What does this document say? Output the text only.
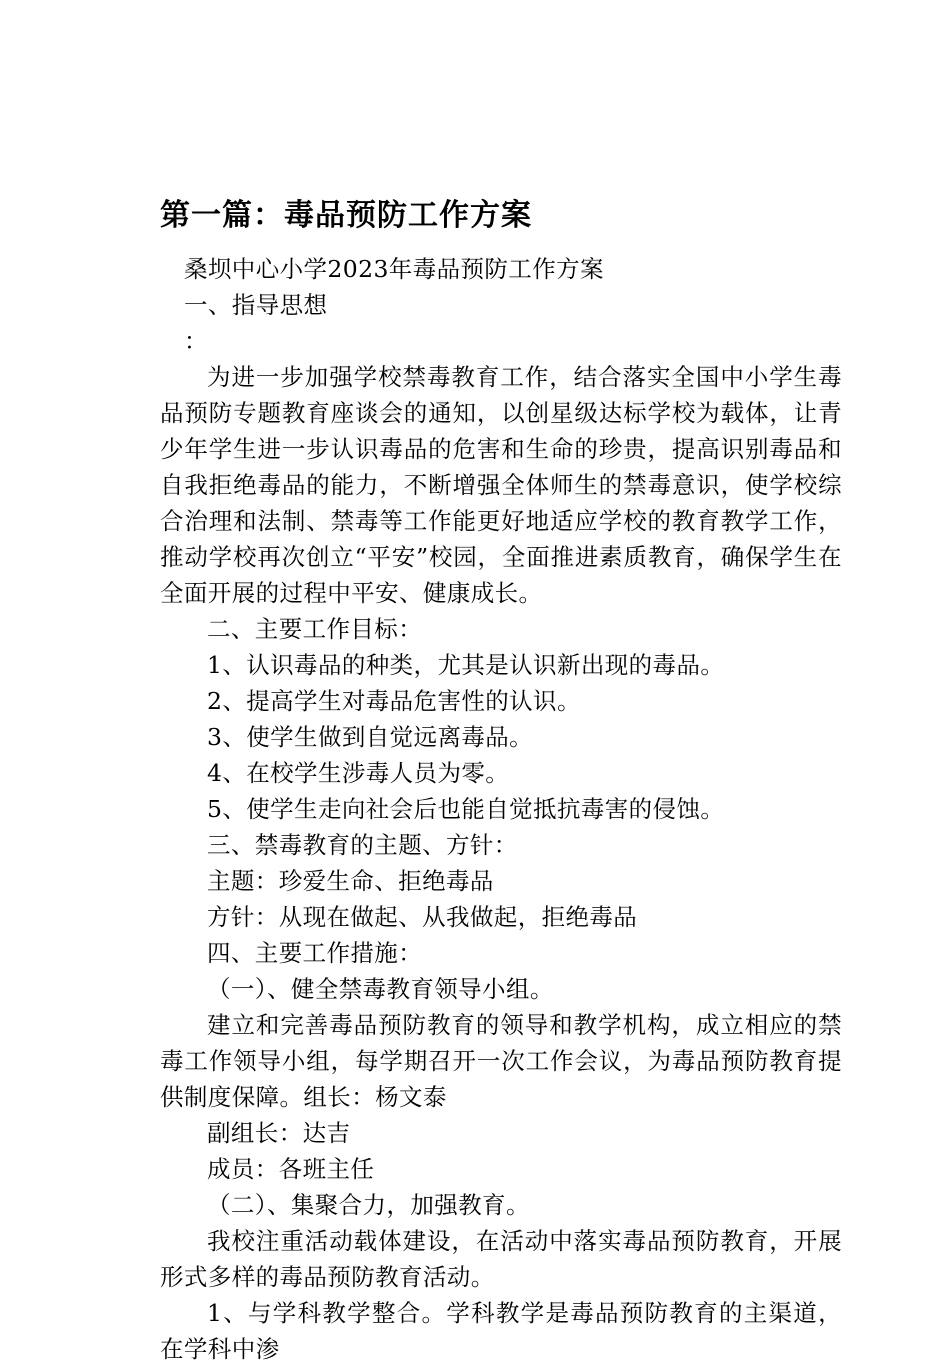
第一篇：毒品预防工作方案

桑坝中心小学2023年毒品预防工作方案

一、指导思想

：

为进一步加强学校禁毒教育工作，结合落实全国中小学生毒品预防专题教育座谈会的通知，以创星级达标学校为载体，让青少年学生进一步认识毒品的危害和生命的珍贵，提高识别毒品和自我拒绝毒品的能力，不断增强全体师生的禁毒意识，使学校综合治理和法制、禁毒等工作能更好地适应学校的教育教学工作，推动学校再次创立“平安”校园，全面推进素质教育，确保学生在全面开展的过程中平安、健康成长。

二、主要工作目标：

1、认识毒品的种类，尤其是认识新出现的毒品。

2、提高学生对毒品危害性的认识。

3、使学生做到自觉远离毒品。

4、在校学生涉毒人员为零。

5、使学生走向社会后也能自觉抵抗毒害的侵蚀。

三、禁毒教育的主题、方针：

主题：珍爱生命、拒绝毒品

方针：从现在做起、从我做起，拒绝毒品

四、主要工作措施：

（一）、健全禁毒教育领导小组。

建立和完善毒品预防教育的领导和教学机构，成立相应的禁毒工作领导小组，每学期召开一次工作会议，为毒品预防教育提供制度保障。组长：杨文泰

副组长：达吉

成员：各班主任

（二）、集聚合力，加强教育。

我校注重活动载体建设，在活动中落实毒品预防教育，开展形式多样的毒品预防教育活动。

1、与学科教学整合。学科教学是毒品预防教育的主渠道，在学科中渗
